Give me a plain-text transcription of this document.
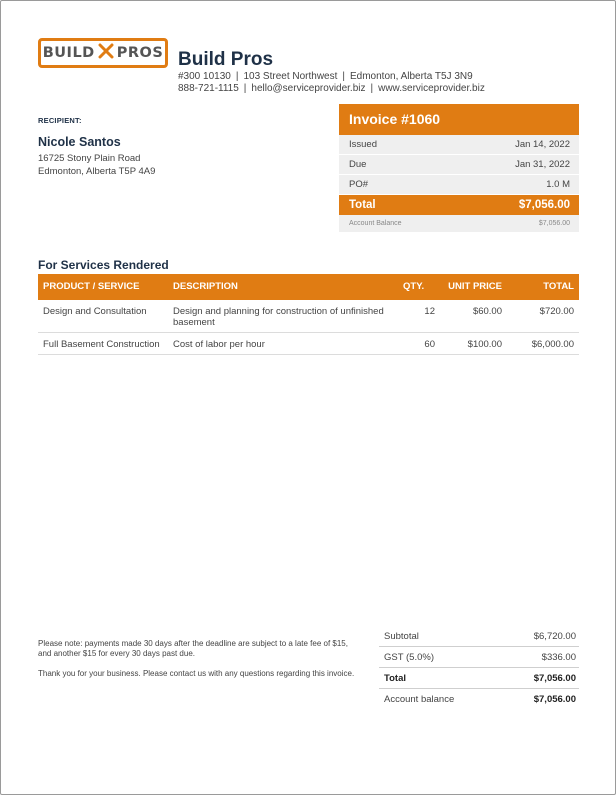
BUILD PROS Build Pros
#300 10130 | 103 Street Northwest | Edmonton, Alberta T5J 3N9
888-721-1115 | hello@serviceprovider.biz | www.serviceprovider.biz
RECIPIENT:
Nicole Santos
16725 Stony Plain Road
Edmonton, Alberta T5P 4A9
Invoice #1060
Issued	Jan 14, 2022
Due	Jan 31, 2022
PO#	1.0 M
Total	$7,056.00
Account Balance	$7,056.00
For Services Rendered
PRODUCT / SERVICE	DESCRIPTION	QTY.	UNIT PRICE	TOTAL
Design and Consultation	Design and planning for construction of unfinished basement	12	$60.00	$720.00
Full Basement Construction	Cost of labor per hour	60	$100.00	$6,000.00
Please note: payments made 30 days after the deadline are subject to a late fee of $15, and another $15 for every 30 days past due.
Thank you for your business. Please contact us with any questions regarding this invoice.
Subtotal	$6,720.00
GST (5.0%)	$336.00
Total	$7,056.00
Account balance	$7,056.00
